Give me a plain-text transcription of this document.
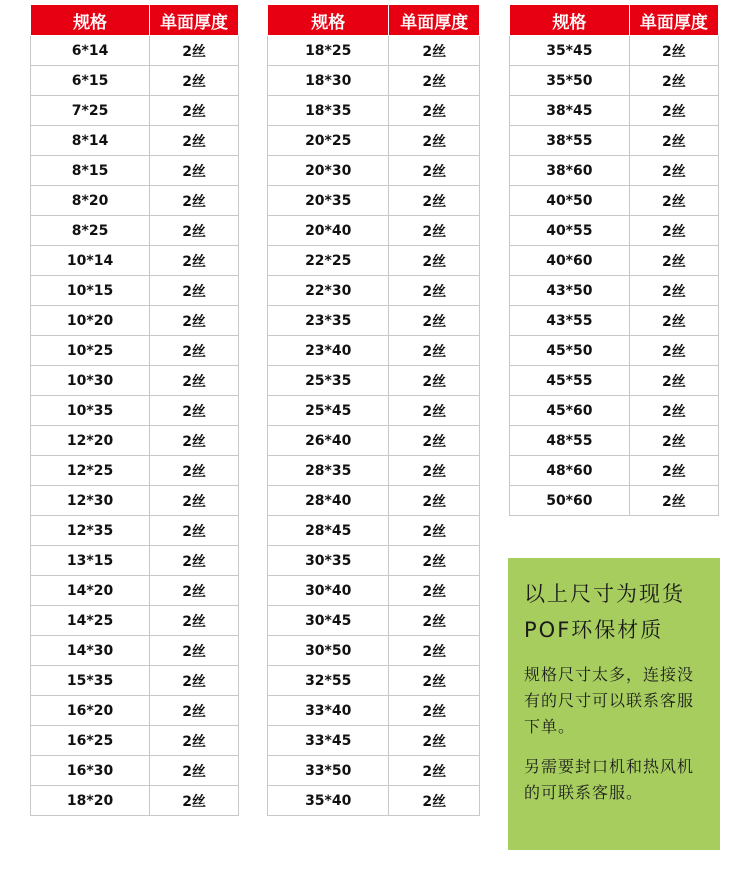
规格	单面厚度
6*14	2丝
6*15	2丝
7*25	2丝
8*14	2丝
8*15	2丝
8*20	2丝
8*25	2丝
10*14	2丝
10*15	2丝
10*20	2丝
10*25	2丝
10*30	2丝
10*35	2丝
12*20	2丝
12*25	2丝
12*30	2丝
12*35	2丝
13*15	2丝
14*20	2丝
14*25	2丝
14*30	2丝
15*35	2丝
16*20	2丝
16*25	2丝
16*30	2丝
18*20	2丝
规格	单面厚度
18*25	2丝
18*30	2丝
18*35	2丝
20*25	2丝
20*30	2丝
20*35	2丝
20*40	2丝
22*25	2丝
22*30	2丝
23*35	2丝
23*40	2丝
25*35	2丝
25*45	2丝
26*40	2丝
28*35	2丝
28*40	2丝
28*45	2丝
30*35	2丝
30*40	2丝
30*45	2丝
30*50	2丝
32*55	2丝
33*40	2丝
33*45	2丝
33*50	2丝
35*40	2丝
规格	单面厚度
35*45	2丝
35*50	2丝
38*45	2丝
38*55	2丝
38*60	2丝
40*50	2丝
40*55	2丝
40*60	2丝
43*50	2丝
43*55	2丝
45*50	2丝
45*55	2丝
45*60	2丝
48*55	2丝
48*60	2丝
50*60	2丝
以上尺寸为现货
POF环保材质
规格尺寸太多，连接没有的尺寸可以联系客服下单。
另需要封口机和热风机的可联系客服。
